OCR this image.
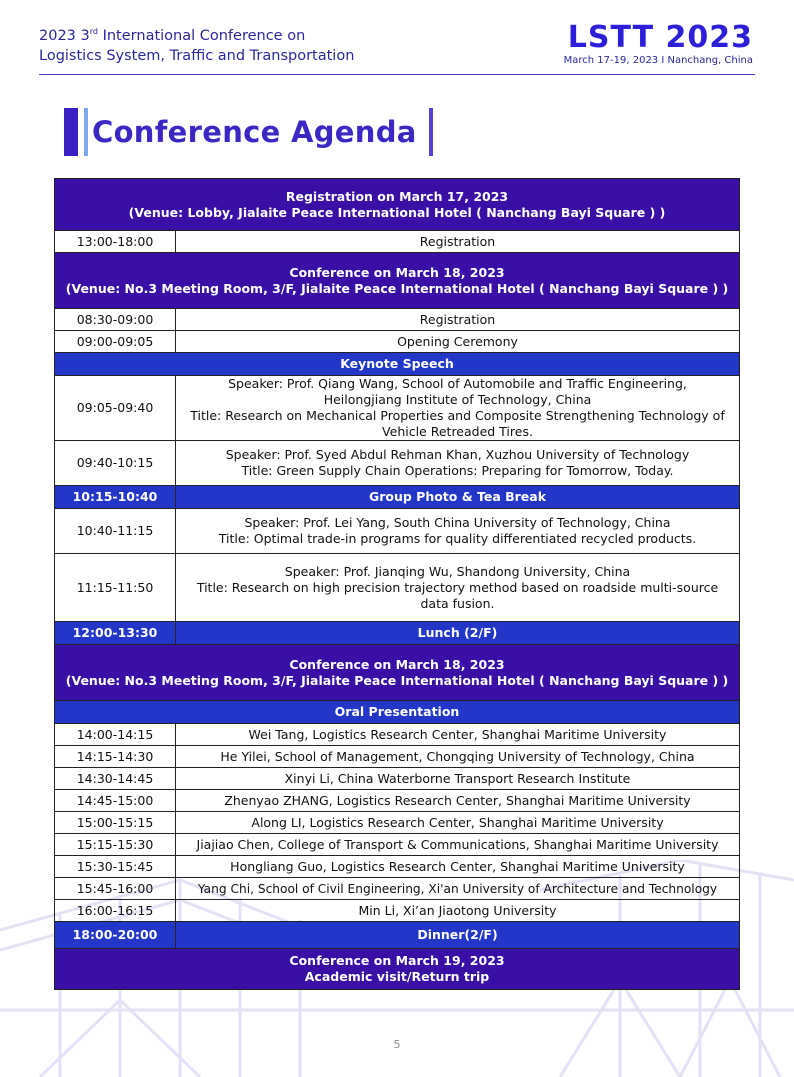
2023 3rd International Conference on
Logistics System, Traffic and Transportation
LSTT 2023
March 17-19, 2023 I Nanchang, China
Conference Agenda
Registration on March 17, 2023
(Venue: Lobby, Jialaite Peace International Hotel ( Nanchang Bayi Square ) )	

13:00-18:00	Registration

Conference on March 18, 2023
(Venue: No.3 Meeting Room, 3/F, Jialaite Peace International Hotel ( Nanchang Bayi Square ) )	

08:30-09:00	Registration
09:00-09:05	Opening Ceremony
Keynote Speech	
09:05-09:40	Speaker: Prof. Qiang Wang, School of Automobile and Traffic Engineering,
Heilongjiang Institute of Technology, China
Title: Research on Mechanical Properties and Composite Strengthening Technology of
Vehicle Retreaded Tires.

09:40-10:15	Speaker: Prof. Syed Abdul Rehman Khan, Xuzhou University of Technology
Title: Green Supply Chain Operations: Preparing for Tomorrow, Today.

10:15-10:40	Group Photo & Tea Break
10:40-11:15	Speaker: Prof. Lei Yang, South China University of Technology, China
Title: Optimal trade-in programs for quality differentiated recycled products.

11:15-11:50	Speaker: Prof. Jianqing Wu, Shandong University, China
Title: Research on high precision trajectory method based on roadside multi-source
data fusion.

12:00-13:30	Lunch (2/F)

Conference on March 18, 2023
(Venue: No.3 Meeting Room, 3/F, Jialaite Peace International Hotel ( Nanchang Bayi Square ) )	

Oral Presentation	
14:00-14:15	Wei Tang, Logistics Research Center, Shanghai Maritime University
14:15-14:30	He Yilei, School of Management, Chongqing University of Technology, China
14:30-14:45	Xinyi Li, China Waterborne Transport Research Institute
14:45-15:00	Zhenyao ZHANG, Logistics Research Center, Shanghai Maritime University
15:00-15:15	Along LI, Logistics Research Center, Shanghai Maritime University
15:15-15:30	Jiajiao Chen, College of Transport & Communications, Shanghai Maritime University
15:30-15:45	Hongliang Guo, Logistics Research Center, Shanghai Maritime University
15:45-16:00	Yang Chi, School of Civil Engineering, Xi'an University of Architecture and Technology
16:00-16:15	Min Li, Xi’an Jiaotong University
18:00-20:00	Dinner(2/F)

Conference on March 19, 2023
Academic visit/Return trip	
5
